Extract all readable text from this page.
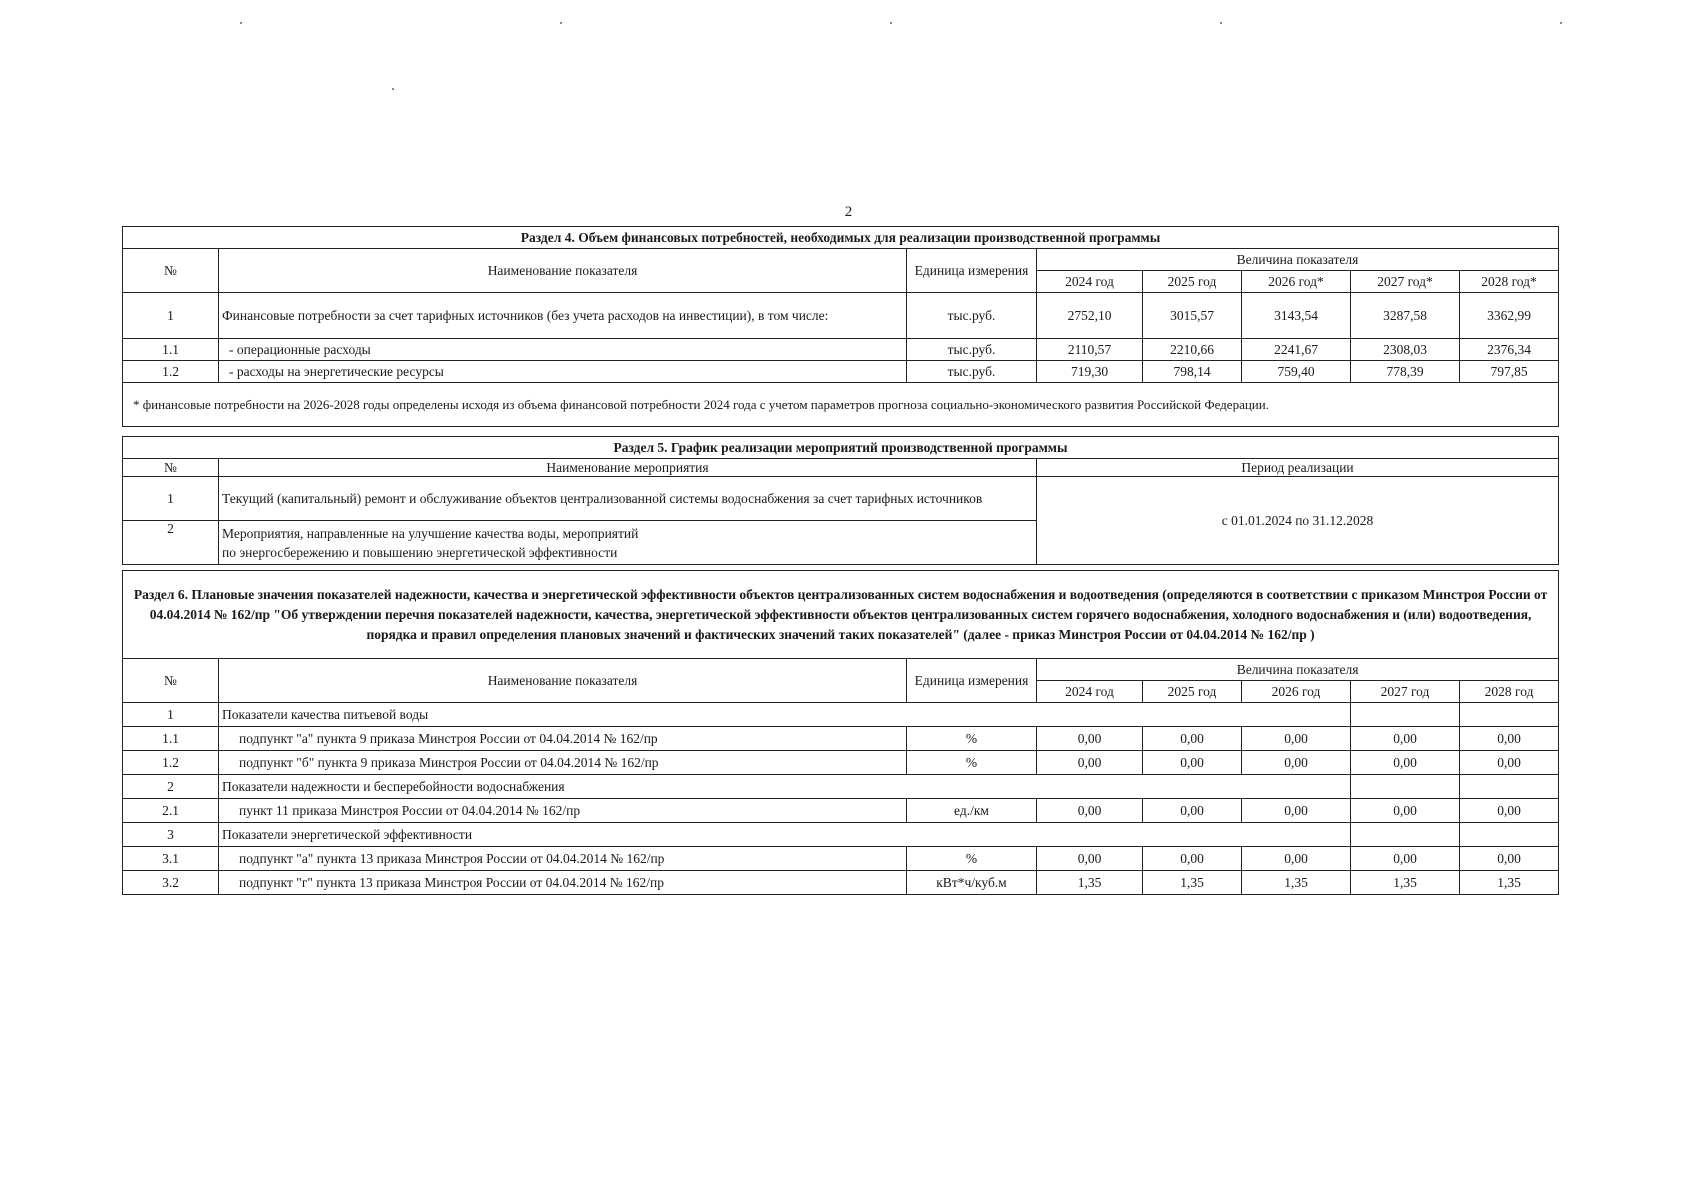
2
Раздел 4. Объем финансовых потребностей, необходимых для реализации производственной программы							
№	Наименование показателя	Единица измерения	Величина показателя				
			2024 год	2025 год	2026 год*	2027 год*	2028 год*
1	Финансовые потребности за счет тарифных источников (без учета расходов на инвестиции), в том числе:	тыс.руб.	2752,10	3015,57	3143,54	3287,58	3362,99
1.1	- операционные расходы	тыс.руб.	2110,57	2210,66	2241,67	2308,03	2376,34
1.2	- расходы на энергетические ресурсы	тыс.руб.	719,30	798,14	759,40	778,39	797,85
* финансовые потребности на 2026-2028 годы определены исходя из объема финансовой потребности 2024 года с учетом параметров прогноза социально-экономического развития Российской Федерации.							
Раздел 5. График реализации мероприятий производственной программы		
№	Наименование мероприятия	Период реализации
1	Текущий (капитальный) ремонт и обслуживание объектов централизованной системы водоснабжения за счет тарифных источников	с 01.01.2024 по 31.12.2028
2	Мероприятия, направленные на улучшение качества воды, мероприятий
по энергосбережению и повышению энергетической эффективности	
Раздел 6. Плановые значения показателей надежности, качества и энергетической эффективности объектов централизованных систем водоснабжения и водоотведения (определяются в соответствии с приказом Минстроя России от 04.04.2014 № 162/пр "Об утверждении перечня показателей надежности, качества, энергетической эффективности объектов централизованных систем горячего водоснабжения, холодного водоснабжения и (или) водоотведения, порядка и правил определения плановых значений и фактических значений таких показателей" (далее - приказ Минстроя России от 04.04.2014 № 162/пр )							
№	Наименование показателя	Единица измерения	Величина показателя				
			2024 год	2025 год	2026 год	2027 год	2028 год
1	Показатели качества питьевой воды						
1.1	подпункт "а" пункта 9 приказа Минстроя России от 04.04.2014 № 162/пр	%	0,00	0,00	0,00	0,00	0,00
1.2	подпункт "б" пункта 9 приказа Минстроя России от 04.04.2014 № 162/пр	%	0,00	0,00	0,00	0,00	0,00
2	Показатели надежности и бесперебойности водоснабжения						
2.1	пункт 11 приказа Минстроя России от 04.04.2014 № 162/пр	ед./км	0,00	0,00	0,00	0,00	0,00
3	Показатели энергетической эффективности						
3.1	подпункт "а" пункта 13 приказа Минстроя России от 04.04.2014 № 162/пр	%	0,00	0,00	0,00	0,00	0,00
3.2	подпункт "г" пункта 13 приказа Минстроя России от 04.04.2014 № 162/пр	кВт*ч/куб.м	1,35	1,35	1,35	1,35	1,35
